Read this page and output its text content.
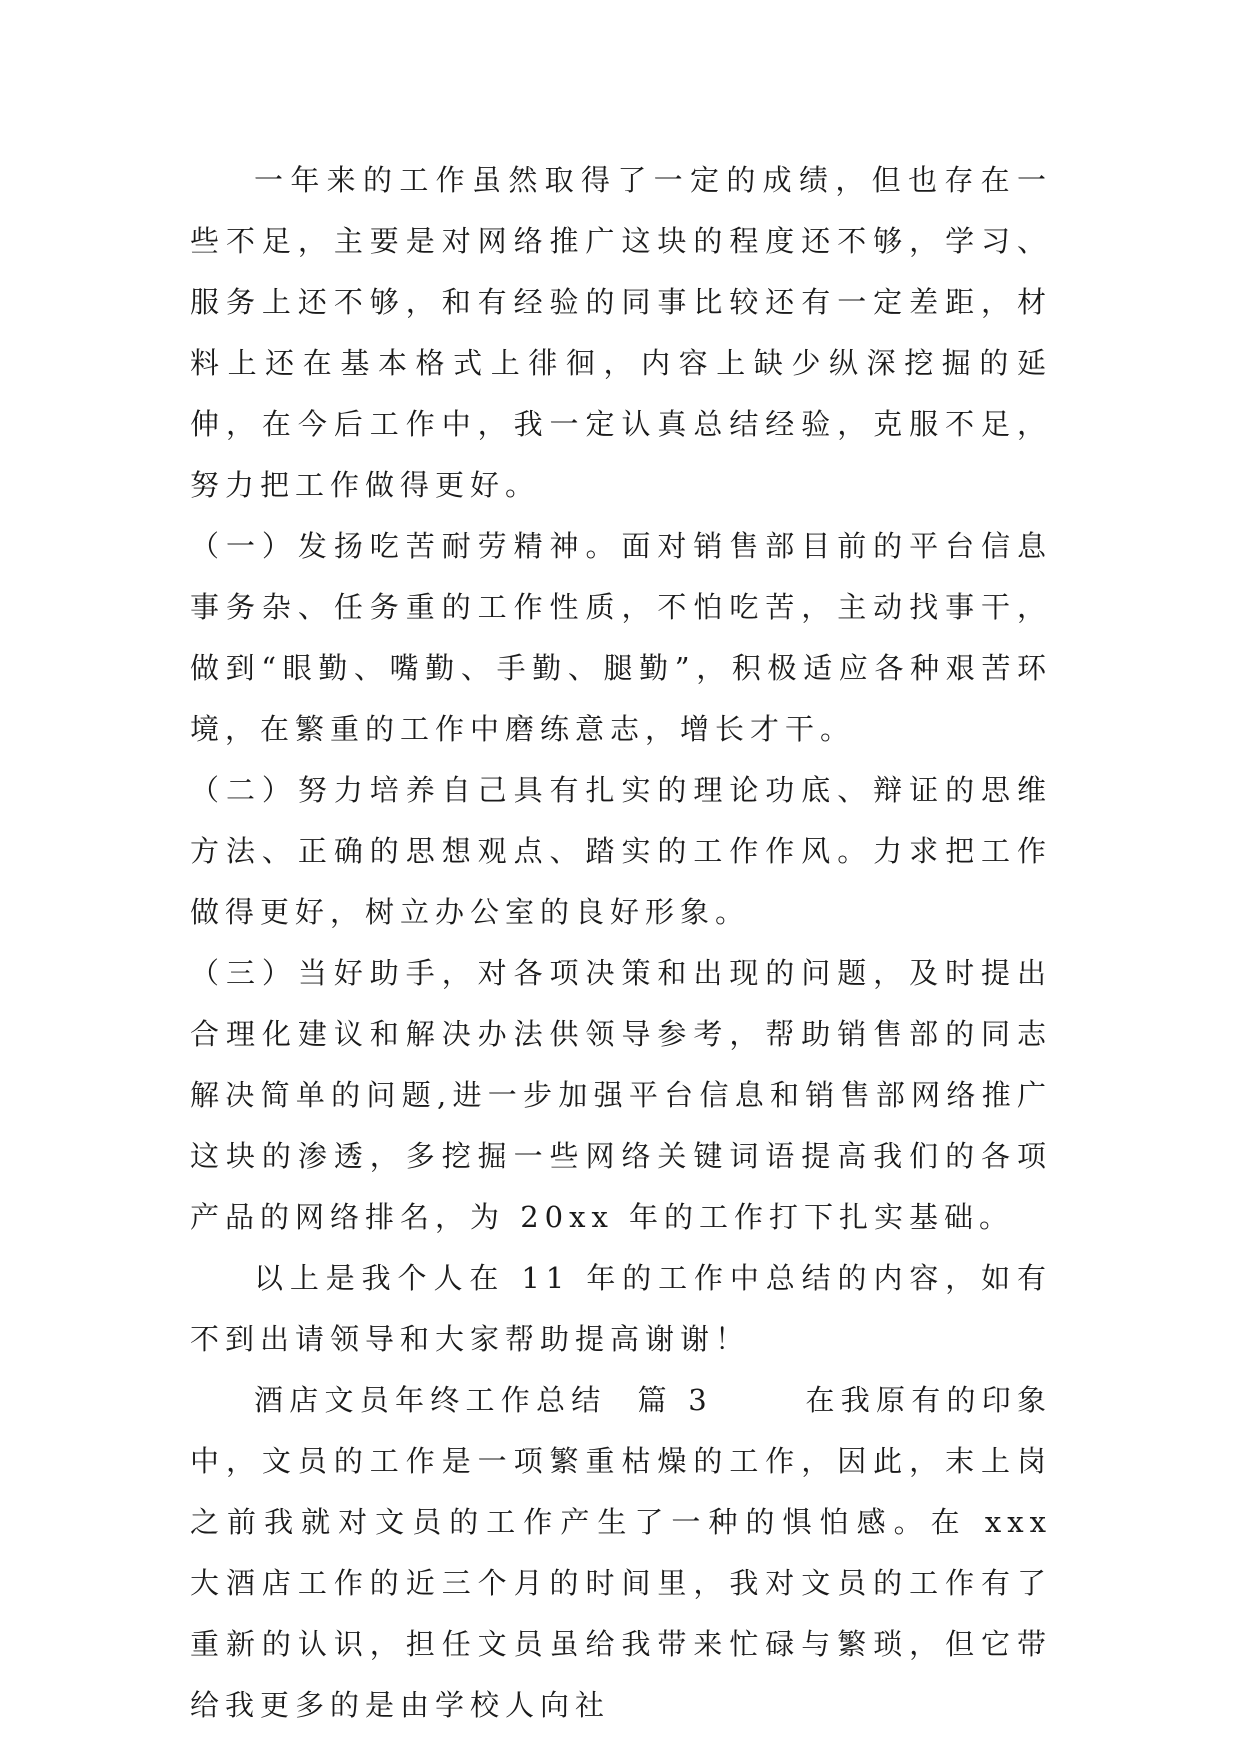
一年来的工作虽然取得了一定的成绩，但也存在一些不足，主要是对网络推广这块的程度还不够，学习、服务上还不够，和有经验的同事比较还有一定差距，材料上还在基本格式上徘徊，内容上缺少纵深挖掘的延伸，在今后工作中，我一定认真总结经验，克服不足，努力把工作做得更好。

（一）发扬吃苦耐劳精神。面对销售部目前的平台信息事务杂、任务重的工作性质，不怕吃苦，主动找事干，做到“眼勤、嘴勤、手勤、腿勤”，积极适应各种艰苦环境，在繁重的工作中磨练意志，增长才干。

（二）努力培养自己具有扎实的理论功底、辩证的思维方法、正确的思想观点、踏实的工作作风。力求把工作做得更好，树立办公室的良好形象。

（三）当好助手，对各项决策和出现的问题，及时提出合理化建议和解决办法供领导参考，帮助销售部的同志解决简单的问题,进一步加强平台信息和销售部网络推广这块的渗透，多挖掘一些网络关键词语提高我们的各项产品的网络排名，为 20xx 年的工作打下扎实基础。

以上是我个人在 11 年的工作中总结的内容，如有不到出请领导和大家帮助提高谢谢！

酒店文员年终工作总结  篇 3      在我原有的印象中，文员的工作是一项繁重枯燥的工作，因此，末上岗之前我就对文员的工作产生了一种的惧怕感。在 xxx 大酒店工作的近三个月的时间里，我对文员的工作有了重新的认识，担任文员虽给我带来忙碌与繁琐，但它带给我更多的是由学校人向社
